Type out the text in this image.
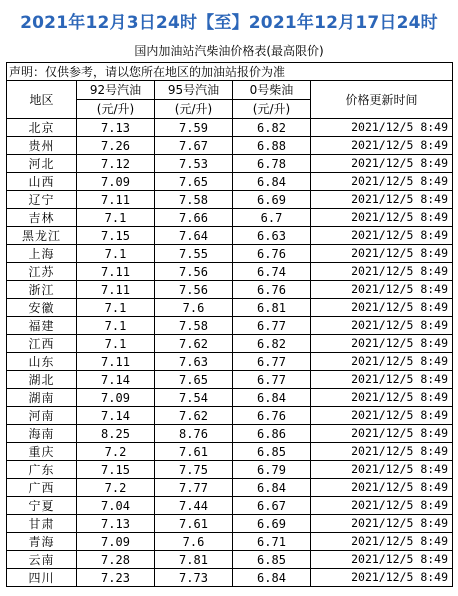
2021年12月3日24时【至】2021年12月17日24时
国内加油站汽柴油价格表(最高限价)
声明：仅供参考，请以您所在地区的加油站报价为准				
地区	92号汽油	95号汽油	0号柴油	价格更新时间
	(元/升)	(元/升)	(元/升)	
北京	7.13	7.59	6.82	2021/12/5 8:49
贵州	7.26	7.67	6.88	2021/12/5 8:49
河北	7.12	7.53	6.78	2021/12/5 8:49
山西	7.09	7.65	6.84	2021/12/5 8:49
辽宁	7.11	7.58	6.69	2021/12/5 8:49
吉林	7.1	7.66	6.7	2021/12/5 8:49
黑龙江	7.15	7.64	6.63	2021/12/5 8:49
上海	7.1	7.55	6.76	2021/12/5 8:49
江苏	7.11	7.56	6.74	2021/12/5 8:49
浙江	7.11	7.56	6.76	2021/12/5 8:49
安徽	7.1	7.6	6.81	2021/12/5 8:49
福建	7.1	7.58	6.77	2021/12/5 8:49
江西	7.1	7.62	6.82	2021/12/5 8:49
山东	7.11	7.63	6.77	2021/12/5 8:49
湖北	7.14	7.65	6.77	2021/12/5 8:49
湖南	7.09	7.54	6.84	2021/12/5 8:49
河南	7.14	7.62	6.76	2021/12/5 8:49
海南	8.25	8.76	6.86	2021/12/5 8:49
重庆	7.2	7.61	6.85	2021/12/5 8:49
广东	7.15	7.75	6.79	2021/12/5 8:49
广西	7.2	7.77	6.84	2021/12/5 8:49
宁夏	7.04	7.44	6.67	2021/12/5 8:49
甘肃	7.13	7.61	6.69	2021/12/5 8:49
青海	7.09	7.6	6.71	2021/12/5 8:49
云南	7.28	7.81	6.85	2021/12/5 8:49
四川	7.23	7.73	6.84	2021/12/5 8:49
